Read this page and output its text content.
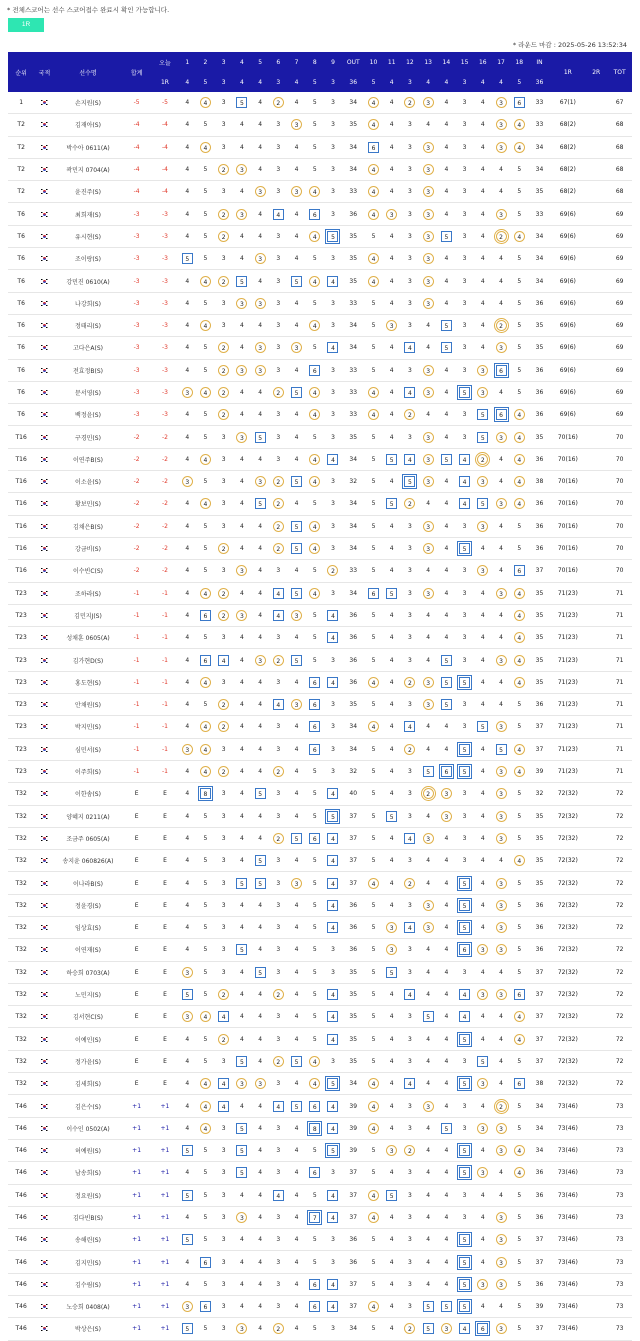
* 전체스코어는 선수 스코어접수 완료시 확인 가능합니다.
1R
* 라운드 마감 : 2025-05-26 13:52:34
순위	국적	선수명	합계	오늘	1	2	3	4	5	6	7	8	9	OUT	10	11	12	13	14	15	16	17	18	IN	1R	2R	TOT
				1R	4	5	3	4	4	3	4	5	3	36	5	4	3	4	4	3	4	4	5	36			
1		손지원(S)	-5	-5	4	4	3	5	4	2	4	5	3	34	4	4	2	3	4	3	4	3	6	33	67(1)		67
T2		김재아(S)	-4	-4	4	5	3	4	4	3	3	5	3	35	4	4	3	4	4	3	4	3	4	33	68(2)		68
T2		박수아 0611(A)	-4	-4	4	4	3	4	4	3	4	5	3	34	6	4	3	3	4	3	4	3	4	34	68(2)		68
T2		곽민지 0704(A)	-4	-4	4	5	2	3	4	3	4	5	3	34	4	4	3	3	4	3	4	4	5	34	68(2)		68
T2		윤진주(S)	-4	-4	4	5	3	4	3	3	3	4	3	33	4	4	3	3	4	3	4	4	5	35	68(2)		68
T6		최희재(S)	-3	-3	4	5	2	3	4	4	4	6	3	36	4	3	3	3	4	3	4	3	5	33	69(6)		69
T6		유시현(S)	-3	-3	4	5	2	4	4	3	4	4	5	35	5	4	3	3	5	3	4	2	4	34	69(6)		69
T6		조이랑(S)	-3	-3	5	5	3	4	3	3	4	5	3	35	4	4	3	3	4	3	4	4	5	34	69(6)		69
T6		강민진 0610(A)	-3	-3	4	4	2	5	4	3	5	4	4	35	4	4	3	3	4	3	4	4	5	34	69(6)		69
T6		나강희(S)	-3	-3	4	5	3	3	3	3	4	5	3	33	5	4	3	3	4	3	4	4	5	36	69(6)		69
T6		정태리(S)	-3	-3	4	4	3	4	4	3	4	4	3	34	5	3	3	4	5	3	4	2	5	35	69(6)		69
T6		고다은A(S)	-3	-3	4	5	2	4	3	3	3	5	4	34	5	4	4	4	5	3	4	3	5	35	69(6)		69
T6		전효정B(S)	-3	-3	4	5	2	3	3	3	4	6	3	33	5	4	3	3	4	3	3	6	5	36	69(6)		69
T6		문서영(S)	-3	-3	3	4	2	4	4	2	5	4	3	33	4	4	4	3	4	5	3	4	5	36	69(6)		69
T6		백정윤(S)	-3	-3	4	5	2	4	4	3	4	4	3	33	4	4	2	4	4	3	5	6	4	36	69(6)		69
T16		구경민(S)	-2	-2	4	5	3	3	5	3	4	5	3	35	5	4	3	3	4	3	5	3	4	35	70(16)		70
T16		이연주B(S)	-2	-2	4	4	3	4	4	3	4	4	4	34	5	5	4	3	5	4	2	4	4	36	70(16)		70
T16		이소윤(S)	-2	-2	3	5	3	4	3	2	5	4	3	32	5	4	5	3	4	4	3	4	4	38	70(16)		70
T16		황보민(S)	-2	-2	4	4	3	4	5	2	4	5	3	34	5	5	2	4	4	4	5	3	4	36	70(16)		70
T16		김채은B(S)	-2	-2	4	5	3	4	4	2	5	4	3	34	5	4	3	3	4	3	3	4	5	36	70(16)		70
T16		강금비(S)	-2	-2	4	5	2	4	4	2	5	4	3	34	5	4	3	3	4	5	4	4	5	36	70(16)		70
T16		이수빈C(S)	-2	-2	4	5	3	3	4	3	4	5	2	33	5	4	3	4	4	3	3	4	6	37	70(16)		70
T23		조하라(S)	-1	-1	4	4	2	4	4	4	5	4	3	34	6	5	3	3	4	3	4	3	4	35	71(23)		71
T23		김민지J(S)	-1	-1	4	6	2	3	4	4	3	5	4	36	5	4	3	4	4	3	4	4	4	35	71(23)		71
T23		성채훈 0605(A)	-1	-1	4	5	3	4	4	3	4	5	4	36	5	4	3	4	4	3	4	4	4	35	71(23)		71
T23		김가현D(S)	-1	-1	4	6	4	4	3	2	5	5	3	36	5	4	3	4	5	3	4	3	4	35	71(23)		71
T23		홍도현(S)	-1	-1	4	4	3	4	4	3	4	6	4	36	4	4	2	3	5	5	4	4	4	35	71(23)		71
T23		안채원(S)	-1	-1	4	5	2	4	4	4	3	6	3	35	5	4	3	3	5	3	4	4	5	36	71(23)		71
T23		박지민(S)	-1	-1	4	4	2	4	4	3	4	6	3	34	4	4	4	4	4	3	5	3	5	37	71(23)		71
T23		심민서(S)	-1	-1	3	4	3	4	4	3	4	6	3	34	5	4	2	4	4	5	4	5	4	37	71(23)		71
T23		이주희(S)	-1	-1	4	4	2	4	4	2	4	5	3	32	5	4	3	5	6	5	4	3	4	39	71(23)		71
T32		이한솜(S)	E	E	4	8	3	4	5	3	4	5	4	40	5	4	3	2	3	3	4	3	5	32	72(32)		72
T32		양혜지 0211(A)	E	E	4	5	3	4	4	3	4	5	5	37	5	5	3	4	3	3	4	3	5	35	72(32)		72
T32		조금주 0605(A)	E	E	4	5	3	4	4	2	5	6	4	37	5	4	4	3	4	3	4	3	5	35	72(32)		72
T32		송지윤 060826(A)	E	E	4	5	3	4	5	3	4	5	4	37	5	4	3	4	4	3	4	4	4	35	72(32)		72
T32		이나라B(S)	E	E	4	5	3	5	5	3	3	5	4	37	4	4	2	4	4	5	4	3	5	35	72(32)		72
T32		정윤경(S)	E	E	4	5	3	4	4	3	4	5	4	36	5	4	3	3	4	5	4	3	5	36	72(32)		72
T32		임상효(S)	E	E	4	5	3	4	4	3	4	5	4	36	5	3	4	3	4	5	4	3	5	36	72(32)		72
T32		이연재(S)	E	E	4	5	3	5	4	3	4	5	3	36	5	3	3	4	4	6	3	3	5	36	72(32)		72
T32		하승희 0703(A)	E	E	3	5	3	4	5	3	4	5	3	35	5	5	3	4	4	3	4	4	5	37	72(32)		72
T32		노민지(S)	E	E	5	5	2	4	4	2	4	5	4	35	5	4	4	4	4	4	3	3	6	37	72(32)		72
T32		김서현C(S)	E	E	3	4	4	4	4	3	4	5	4	35	5	4	3	5	4	4	4	4	4	37	72(32)		72
T32		이예인(S)	E	E	4	5	2	4	4	3	4	5	4	35	5	4	3	4	4	5	4	4	4	37	72(32)		72
T32		정가윤(S)	E	E	4	5	3	5	4	2	5	4	3	35	5	4	3	4	4	3	5	4	5	37	72(32)		72
T32		김세희(S)	E	E	4	4	4	3	3	3	4	4	5	34	4	4	4	4	4	5	3	4	6	38	72(32)		72
T46		김은수(S)	+1	+1	4	4	4	4	4	4	5	6	4	39	4	4	3	3	4	3	4	2	5	34	73(46)		73
T46		이수인 0502(A)	+1	+1	4	4	3	5	4	3	4	8	4	39	4	4	3	4	5	3	3	3	5	34	73(46)		73
T46		허예원(S)	+1	+1	5	5	3	5	4	3	4	5	5	39	5	3	2	4	4	5	4	3	4	34	73(46)		73
T46		남송희(S)	+1	+1	4	5	3	5	4	3	4	6	3	37	5	4	3	4	4	5	3	4	4	36	73(46)		73
T46		정요원(S)	+1	+1	5	5	3	4	4	4	4	5	4	37	4	5	3	4	4	3	4	4	5	36	73(46)		73
T46		김다빈B(S)	+1	+1	4	5	3	3	4	3	4	7	4	37	4	4	3	4	4	3	4	3	5	36	73(46)		73
T46		송해린(S)	+1	+1	5	5	3	4	4	3	4	5	3	36	5	4	3	4	4	5	4	3	5	37	73(46)		73
T46		김지민(S)	+1	+1	4	6	3	4	4	3	4	5	3	36	5	4	3	4	4	5	4	3	5	37	73(46)		73
T46		김수림(S)	+1	+1	4	5	3	4	4	3	4	6	4	37	5	4	3	4	4	5	3	3	5	36	73(46)		73
T46		노승희 0408(A)	+1	+1	3	6	3	4	4	3	4	6	4	37	4	4	3	5	5	5	4	4	5	39	73(46)		73
T46		박상은(S)	+1	+1	5	5	3	3	4	2	4	5	3	34	5	4	2	5	3	4	6	3	5	37	73(46)		73
